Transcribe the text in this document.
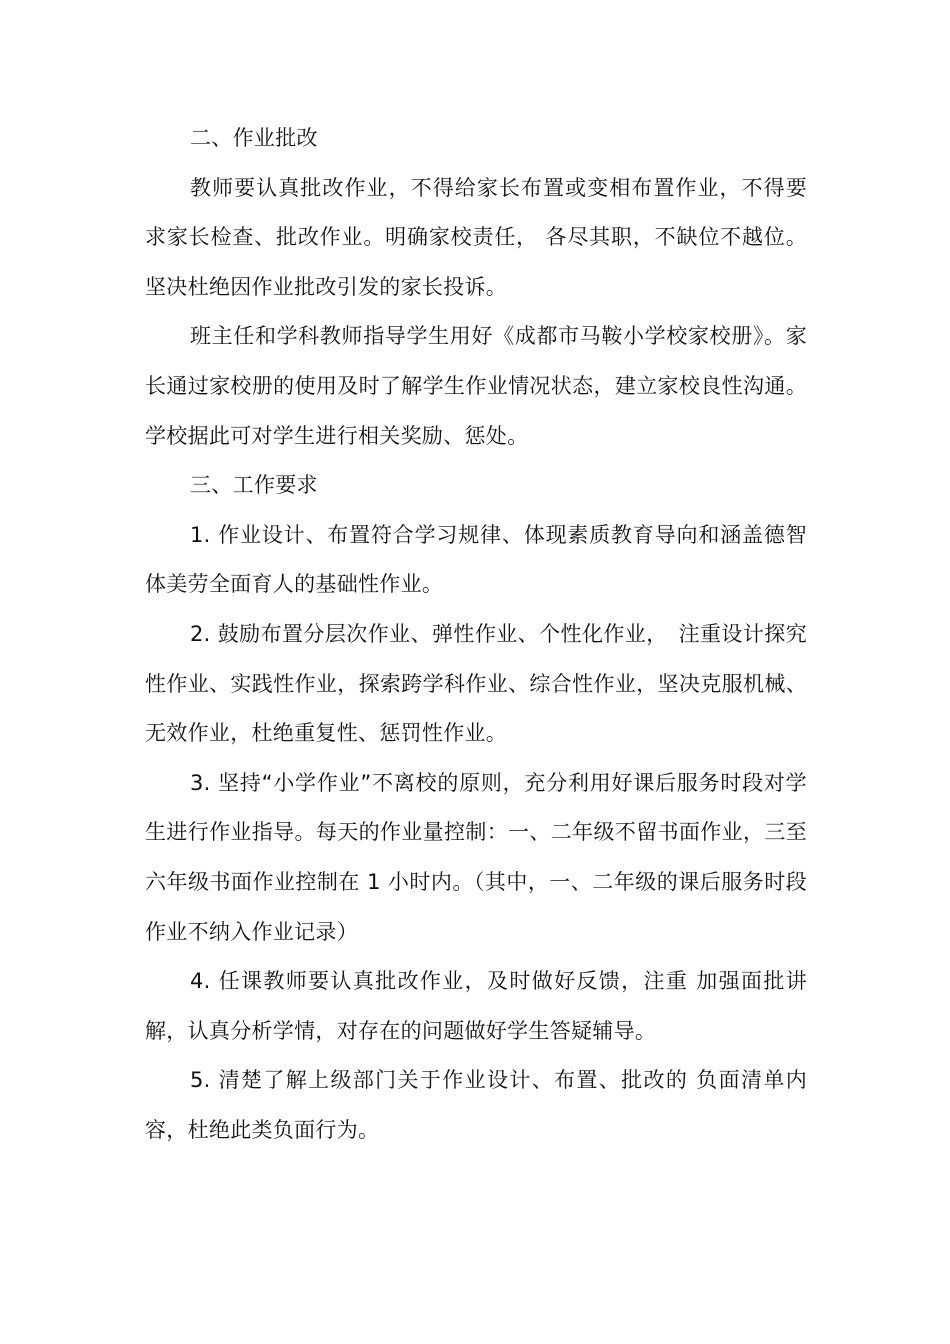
二、作业批改

教师要认真批改作业，不得给家长布置或变相布置作业，不得要求家长检查、批改作业。明确家校责任， 各尽其职，不缺位不越位。坚决杜绝因作业批改引发的家长投诉。

班主任和学科教师指导学生用好《成都市马鞍小学校家校册》。家长通过家校册的使用及时了解学生作业情况状态，建立家校良性沟通。学校据此可对学生进行相关奖励、惩处。

三、工作要求

1. 作业设计、布置符合学习规律、体现素质教育导向和涵盖德智体美劳全面育人的基础性作业。

2. 鼓励布置分层次作业、弹性作业、个性化作业，　注重设计探究性作业、实践性作业，探索跨学科作业、综合性作业，坚决克服机械、无效作业，杜绝重复性、惩罚性作业。

3. 坚持“小学作业”不离校的原则，充分利用好课后服务时段对学生进行作业指导。每天的作业量控制：一、二年级不留书面作业，三至六年级书面作业控制在 1 小时内。（其中，一、二年级的课后服务时段作业不纳入作业记录）

4. 任课教师要认真批改作业，及时做好反馈，注重 加强面批讲解，认真分析学情，对存在的问题做好学生答疑辅导。

5. 清楚了解上级部门关于作业设计、布置、批改的 负面清单内容，杜绝此类负面行为。
